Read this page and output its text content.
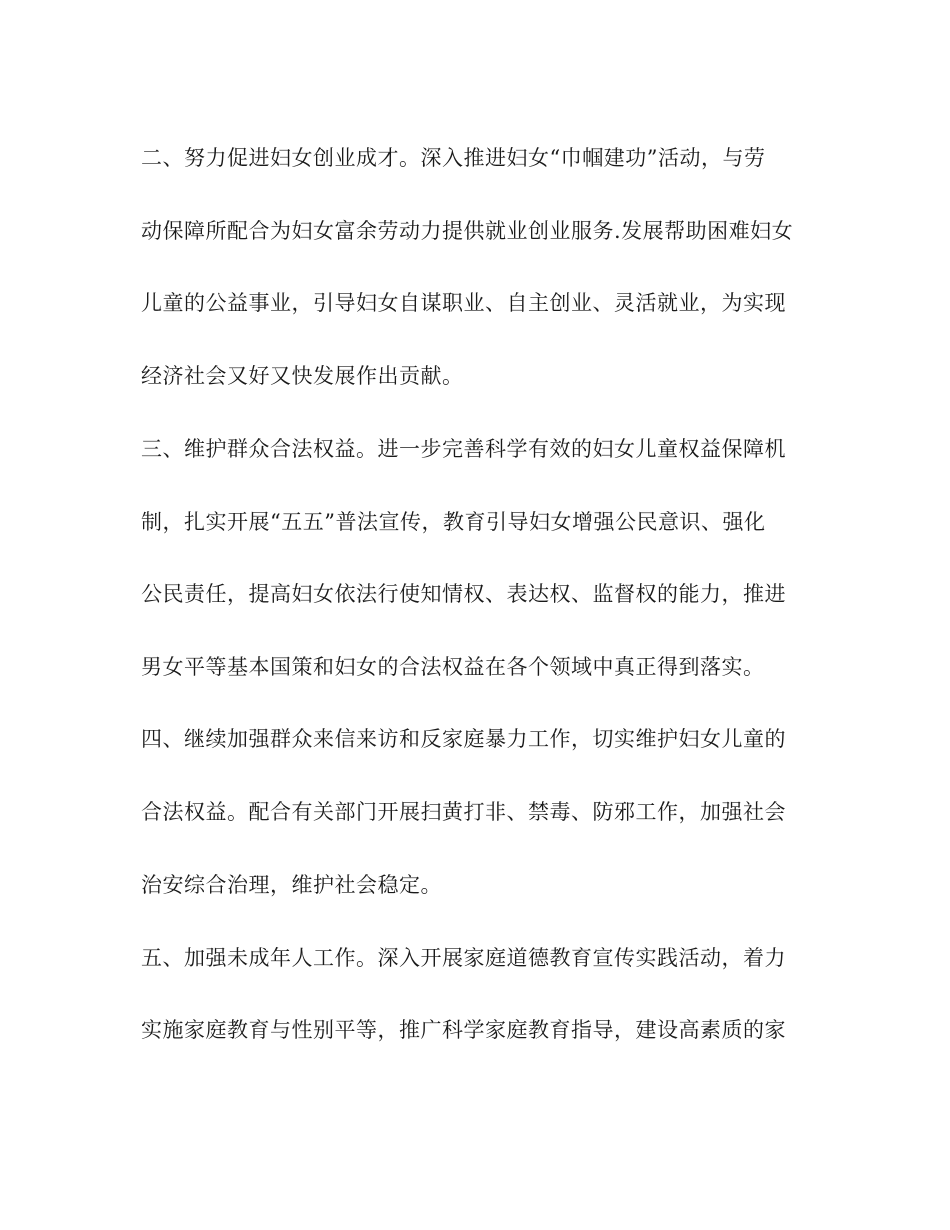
二、努力促进妇女创业成才。深入推进妇女“巾帼建功”活动，与劳
动保障所配合为妇女富余劳动力提供就业创业服务.发展帮助困难妇女
儿童的公益事业，引导妇女自谋职业、自主创业、灵活就业，为实现
经济社会又好又快发展作出贡献。
三、维护群众合法权益。进一步完善科学有效的妇女儿童权益保障机
制，扎实开展“五五”普法宣传，教育引导妇女增强公民意识、强化
公民责任，提高妇女依法行使知情权、表达权、监督权的能力，推进
男女平等基本国策和妇女的合法权益在各个领域中真正得到落实。
四、继续加强群众来信来访和反家庭暴力工作，切实维护妇女儿童的
合法权益。配合有关部门开展扫黄打非、禁毒、防邪工作，加强社会
治安综合治理，维护社会稳定。
五、加强未成年人工作。深入开展家庭道德教育宣传实践活动，着力
实施家庭教育与性别平等，推广科学家庭教育指导，建设高素质的家
